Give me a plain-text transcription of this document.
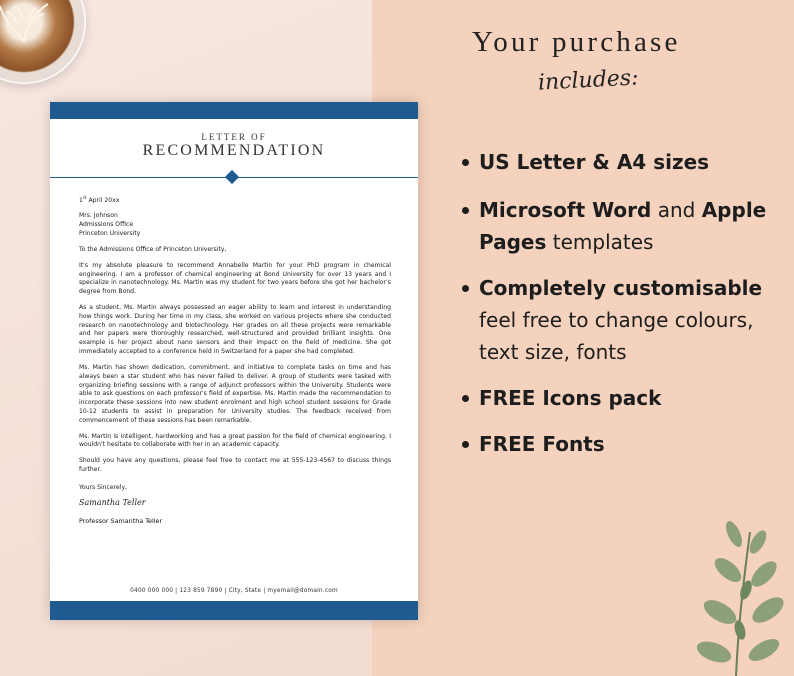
LETTER OF
RECOMMENDATION

1st April 20xx

Mrs. Johnson
Admissions Office
Princeton University

To the Admissions Office of Princeton University,

It's my absolute pleasure to recommend Annabelle Martin for your PhD program in chemical engineering. I am a professor of chemical engineering at Bond University for over 13 years and I specialize in nanotechnology. Ms. Martin was my student for two years before she got her bachelor's degree from Bond.

As a student, Ms. Martin always possessed an eager ability to learn and interest in understanding how things work. During her time in my class, she worked on various projects where she conducted research on nanotechnology and biotechnology. Her grades on all these projects were remarkable and her papers were thoroughly researched, well-structured and provided brilliant insights. One example is her project about nano sensors and their impact on the field of medicine. She got immediately accepted to a conference held in Switzerland for a paper she had completed.

Ms. Martin has shown dedication, commitment, and initiative to complete tasks on time and has always been a star student who has never failed to deliver. A group of students were tasked with organizing briefing sessions with a range of adjunct professors within the University. Students were able to ask questions on each professor's field of expertise. Ms. Martin made the recommendation to incorporate these sessions into new student enrolment and high school student sessions for Grade 10-12 students to assist in preparation for University studies. The feedback received from commencement of these sessions has been remarkable.

Ms. Martin is intelligent, hardworking and has a great passion for the field of chemical engineering. I wouldn't hesitate to collaborate with her in an academic capacity.

Should you have any questions, please feel free to contact me at 555-123-4567 to discuss things further.

Yours Sincerely,

Samantha Teller
Professor Samantha Teller
0400 000 000 | 123 859 7890 | City, State | myemail@domain.com
Your purchase
includes:
US Letter & A4 sizes
Microsoft Word and Apple
Pages templates
Completely customisable
feel free to change colours,
text size, fonts
FREE Icons pack
FREE Fonts
